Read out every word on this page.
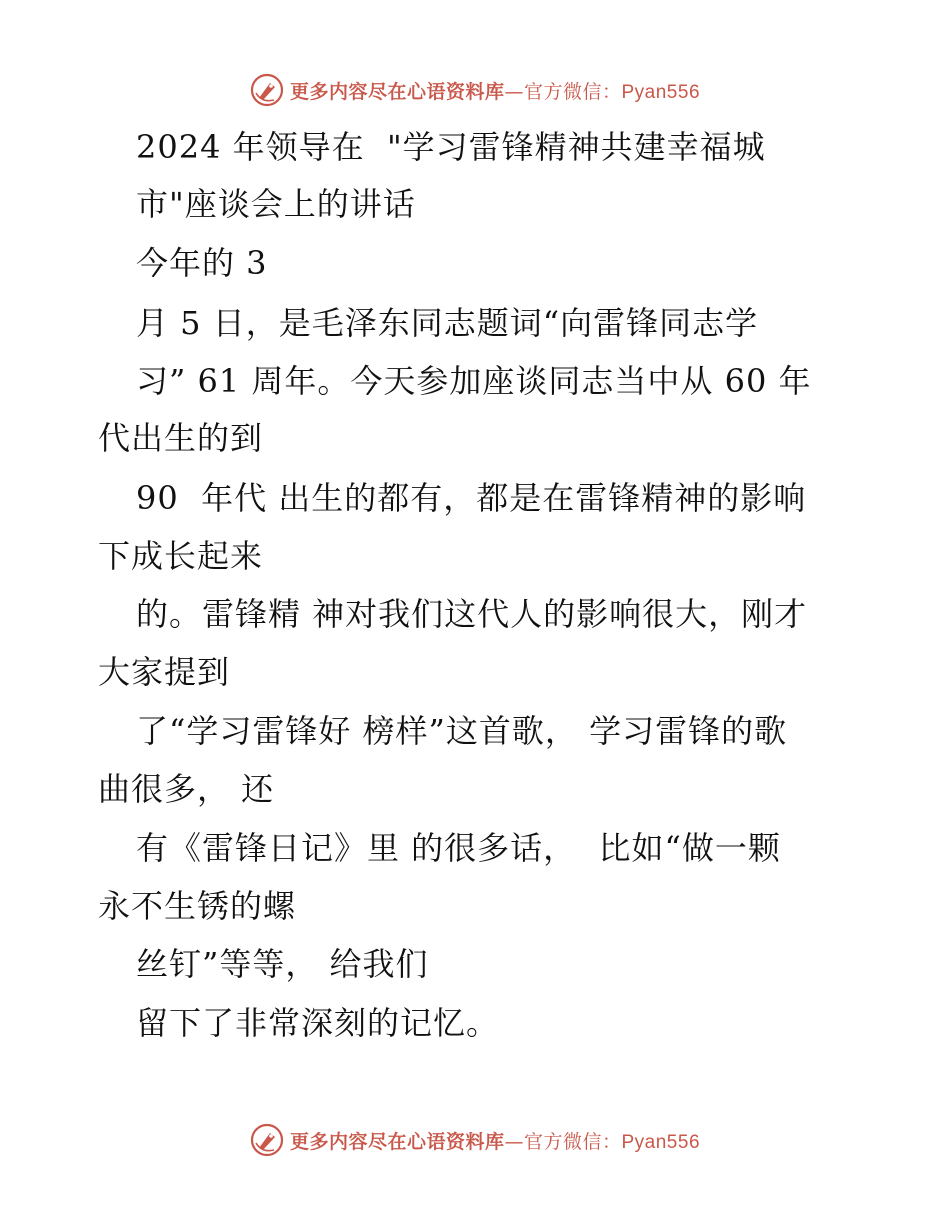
更多内容尽在心语资料库—官方微信：Pyan556
2024 年领导在  "学习雷锋精神共建幸福城
市"座谈会上的讲话
今年的 3
月 5 日，是毛泽东同志题词“向雷锋同志学
习” 61 周年。今天参加座谈同志当中从 60 年
代出生的到
90  年代 出生的都有，都是在雷锋精神的影响
下成长起来
的。雷锋精 神对我们这代人的影响很大，刚才
大家提到
了“学习雷锋好 榜样”这首歌， 学习雷锋的歌
曲很多， 还
有《雷锋日记》里 的很多话，  比如“做一颗
永不生锈的螺
丝钉”等等， 给我们
留下了非常深刻的记忆。
更多内容尽在心语资料库—官方微信：Pyan556
